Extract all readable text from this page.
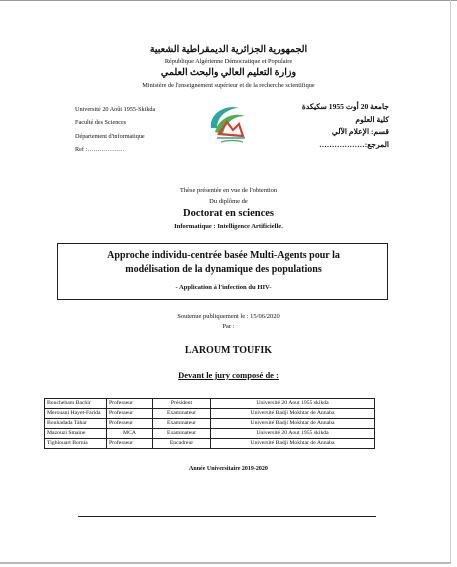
الجمهورية الجزائرية الديمقراطية الشعبية
République Algérienne Démocratique et Populaire
وزارة التعليم العالي والبحث العلمي
Ministère de l'enseignement supérieur et de la recherche scientifique
Université 20 Août 1955-Skikda
Faculté des Sciences
Département d'informatique
Ref :………………
جامعة 20 أوت 1955 سكيكدة
كلية العلوم
قسم: الإعلام الآلي
المرجع:………………
Thèse présentée en vue de l'obtention
Du diplôme de
Doctorat en sciences
Informatique : Intelligence Artificielle.
Approche individu-centrée basée Multi-Agents pour la
modélisation de la dynamique des populations
- Application à l'infection du HIV-
Soutenue publiquement le : 15/06/2020
Par :
LAROUM TOUFIK
Devant le jury composé de :
Boucheham Bachir	Professeur	Président	Université 20 Aout 1955 skikda
Merouani Hayet-Farida	Professeur	Examinateur	Université Badji Mokhtar de Annaba
Bouhadada Tahar	Professeur	Examinateur	Université Badji Mokhtar de Annaba
Mazouzi Smaine	MCA	Examinateur	Université 20 Aout 1955 skikda
Tighiouart Bornia	Professeur	Encadreur	Université Badji Mokhtar de Annaba
Année Universitaire 2019-2020
